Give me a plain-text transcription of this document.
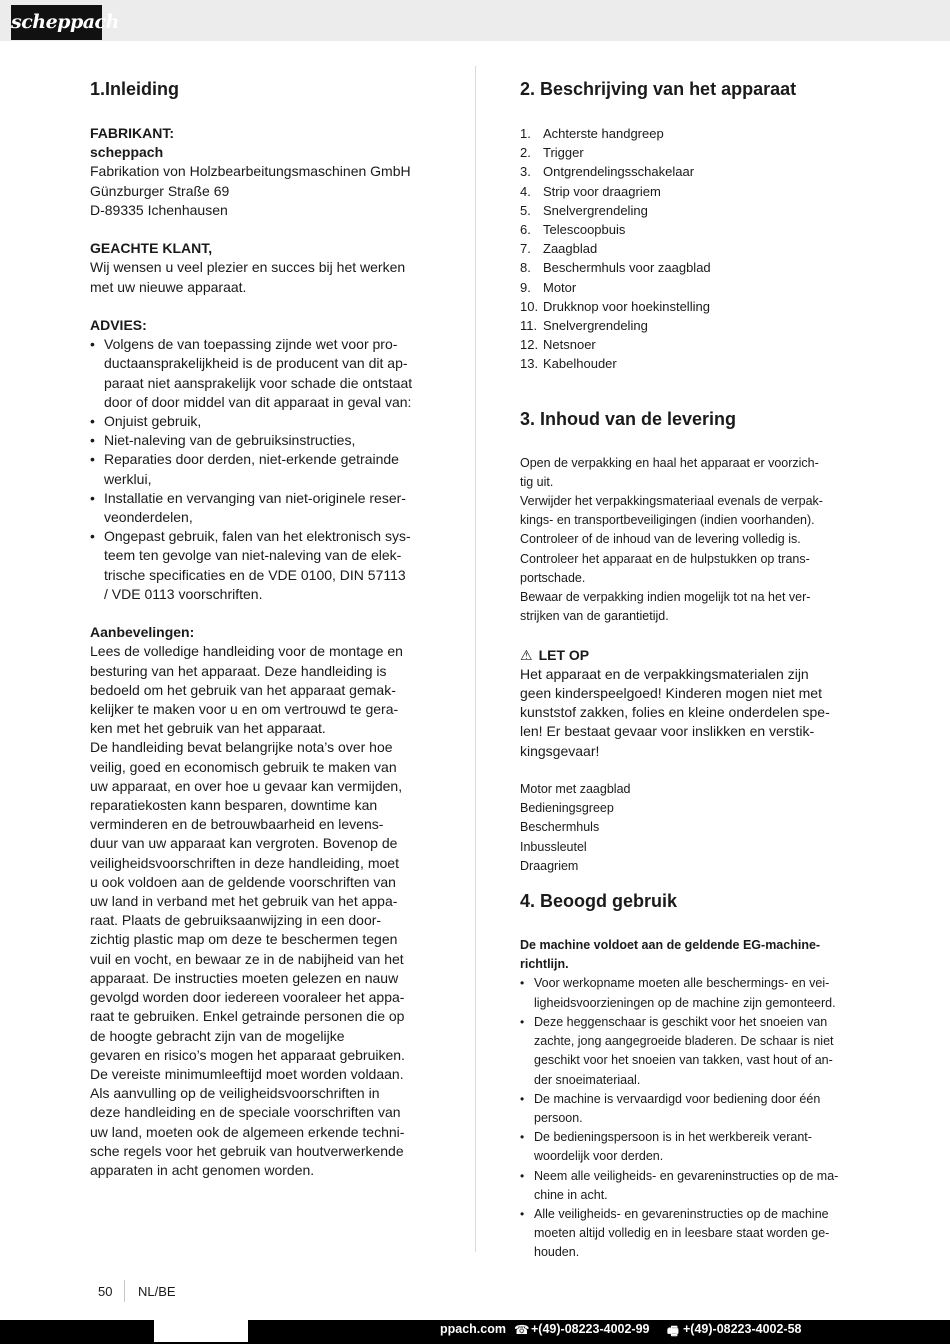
scheppach
1.Inleiding
FABRIKANT:
scheppach
Fabrikation von Holzbearbeitungsmaschinen GmbH
Günzburger Straße 69
D-89335 Ichenhausen
GEACHTE KLANT,
Wij wensen u veel plezier en succes bij het werken
met uw nieuwe apparaat.
ADVIES:
• Volgens de van toepassing zijnde wet voor pro-
ductaansprakelijkheid is de producent van dit ap-
paraat niet aansprakelijk voor schade die ontstaat
door of door middel van dit apparaat in geval van:
• Onjuist gebruik,
• Niet-naleving van de gebruiksinstructies,
• Reparaties door derden, niet-erkende getrainde
werklui,
• Installatie en vervanging van niet-originele reser-
veonderdelen,
• Ongepast gebruik, falen van het elektronisch sys-
teem ten gevolge van niet-naleving van de elek-
trische specificaties en de VDE 0100, DIN 57113
/ VDE 0113 voorschriften.
Aanbevelingen:
Lees de volledige handleiding voor de montage en
besturing van het apparaat. Deze handleiding is
bedoeld om het gebruik van het apparaat gemak-
kelijker te maken voor u en om vertrouwd te gera-
ken met het gebruik van het apparaat.
De handleiding bevat belangrijke nota’s over hoe
veilig, goed en economisch gebruik te maken van
uw apparaat, en over hoe u gevaar kan vermijden,
reparatiekosten kann besparen, downtime kan
verminderen en de betrouwbaarheid en levens-
duur van uw apparaat kan vergroten. Bovenop de
veiligheidsvoorschriften in deze handleiding, moet
u ook voldoen aan de geldende voorschriften van
uw land in verband met het gebruik van het appa-
raat. Plaats de gebruiksaanwijzing in een door-
zichtig plastic map om deze te beschermen tegen
vuil en vocht, en bewaar ze in de nabijheid van het
apparaat. De instructies moeten gelezen en nauw
gevolgd worden door iedereen vooraleer het appa-
raat te gebruiken. Enkel getrainde personen die op
de hoogte gebracht zijn van de mogelijke
gevaren en risico’s mogen het apparaat gebruiken.
De vereiste minimumleeftijd moet worden voldaan.
Als aanvulling op de veiligheidsvoorschriften in
deze handleiding en de speciale voorschriften van
uw land, moeten ook de algemeen erkende techni-
sche regels voor het gebruik van houtverwerkende
apparaten in acht genomen worden.
2. Beschrijving van het apparaat
1. Achterste handgreep
2. Trigger
3. Ontgrendelingsschakelaar
4. Strip voor draagriem
5. Snelvergrendeling
6. Telescoopbuis
7. Zaagblad
8. Beschermhuls voor zaagblad
9. Motor
10. Drukknop voor hoekinstelling
11. Snelvergrendeling
12. Netsnoer
13. Kabelhouder
3. Inhoud van de levering
Open de verpakking en haal het apparaat er voorzich-
tig uit.
Verwijder het verpakkingsmateriaal evenals de verpak-
kings- en transportbeveiligingen (indien voorhanden).
Controleer of de inhoud van de levering volledig is.
Controleer het apparaat en de hulpstukken op trans-
portschade.
Bewaar de verpakking indien mogelijk tot na het ver-
strijken van de garantietijd.
⚠ LET OP
Het apparaat en de verpakkingsmaterialen zijn
geen kinderspeelgoed! Kinderen mogen niet met
kunststof zakken, folies en kleine onderdelen spe-
len! Er bestaat gevaar voor inslikken en verstik-
kingsgevaar!
Motor met zaagblad
Bedieningsgreep
Beschermhuls
Inbussleutel
Draagriem
4. Beoogd gebruik
De machine voldoet aan de geldende EG-machine-
richtlijn.
• Voor werkopname moeten alle beschermings- en vei-
ligheidsvoorzieningen op de machine zijn gemonteerd.
• Deze heggenschaar is geschikt voor het snoeien van
zachte, jong aangegroeide bladeren. De schaar is niet
geschikt voor het snoeien van takken, vast hout of an-
der snoeimateriaal.
• De machine is vervaardigd voor bediening door één
persoon.
• De bedieningspersoon is in het werkbereik verant-
woordelijk voor derden.
• Neem alle veiligheids- en gevareninstructies op de ma-
chine in acht.
• Alle veiligheids- en gevareninstructies op de machine
moeten altijd volledig en in leesbare staat worden ge-
houden.
50 NL/BE
ppach.com ☎ +(49)-08223-4002-99 🖷 +(49)-08223-4002-58
